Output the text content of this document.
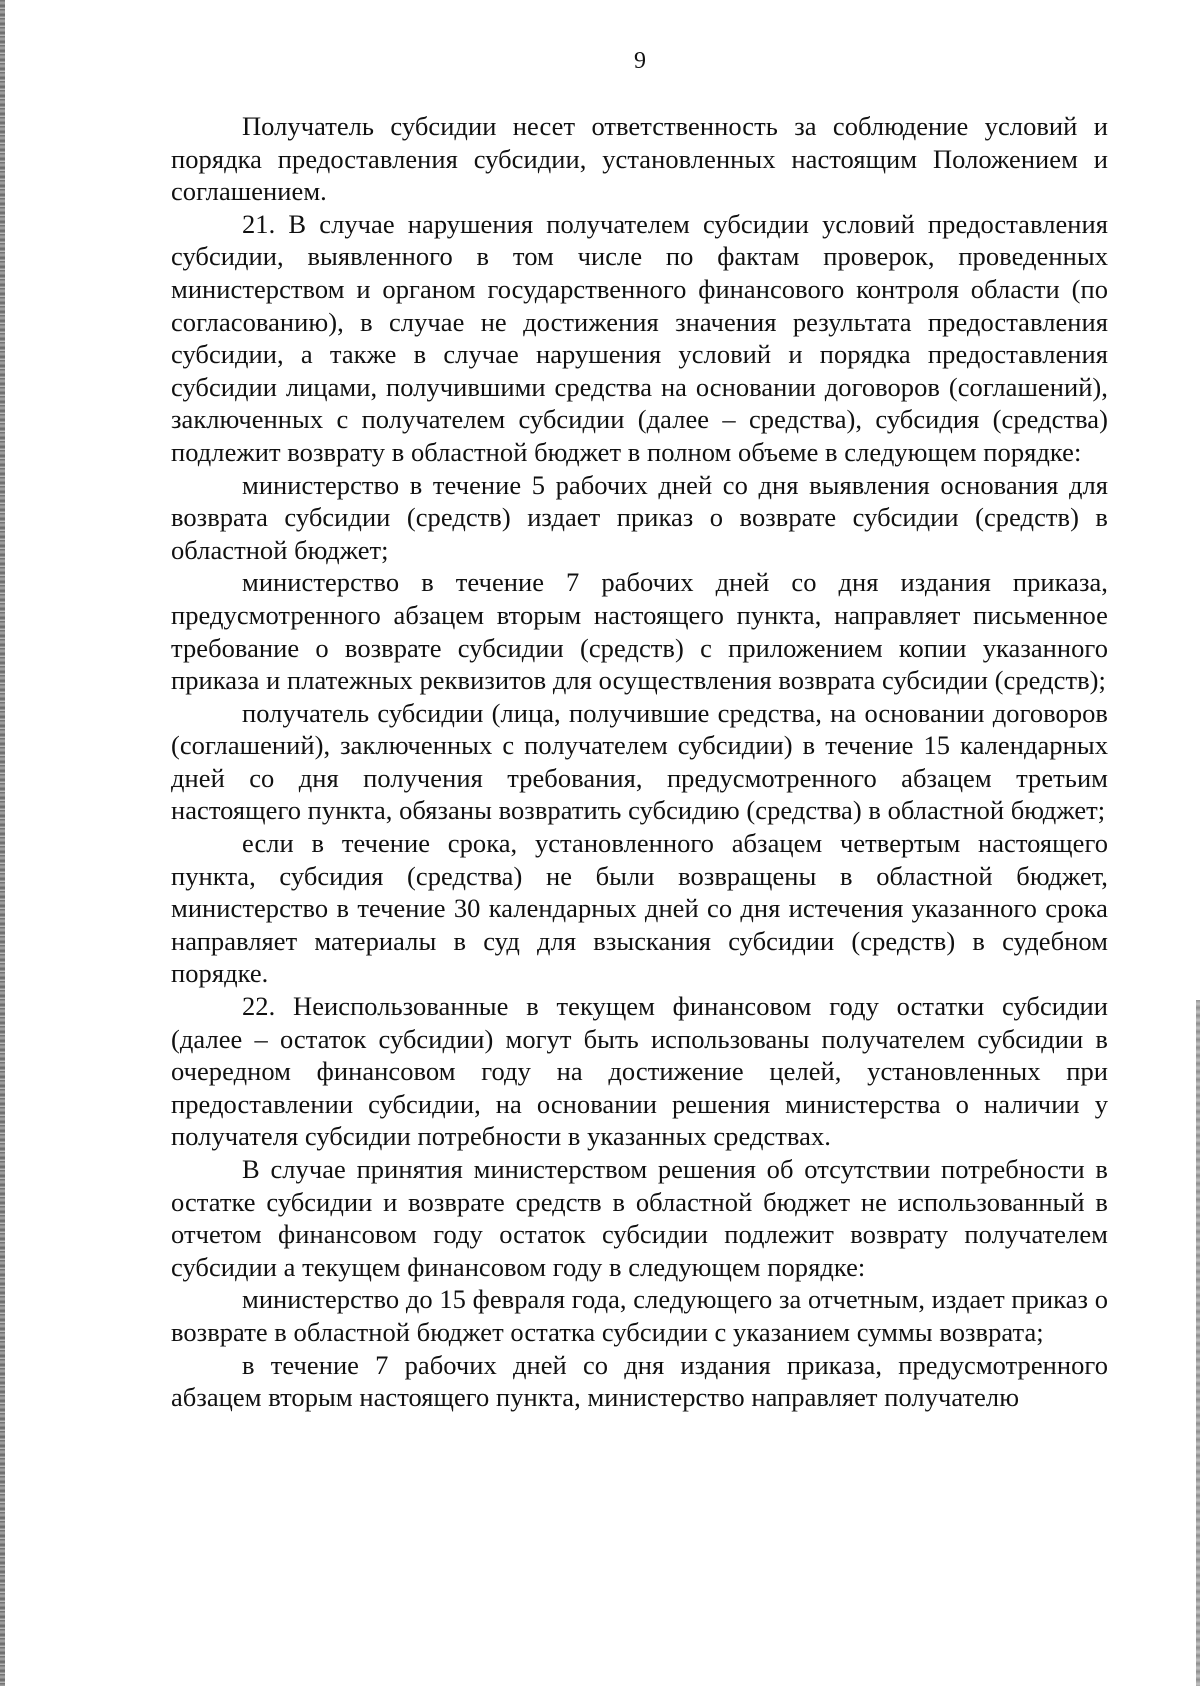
9

Получатель субсидии несет ответственность за соблюдение условий и порядка предоставления субсидии, установленных настоящим Положением и соглашением.

21. В случае нарушения получателем субсидии условий предоставления субсидии, выявленного в том числе по фактам проверок, проведенных министерством и органом государственного финансового контроля области (по согласованию), в случае не достижения значения результата предоставления субсидии, а также в случае нарушения условий и порядка предоставления субсидии лицами, получившими средства на основании договоров (соглашений), заключенных с получателем субсидии (далее – средства), субсидия (средства) подлежит возврату в областной бюджет в полном объеме в следующем порядке:

министерство в течение 5 рабочих дней со дня выявления основания для возврата субсидии (средств) издает приказ о возврате субсидии (средств) в областной бюджет;

министерство в течение 7 рабочих дней со дня издания приказа, предусмотренного абзацем вторым настоящего пункта, направляет письменное требование о возврате субсидии (средств) с приложением копии указанного приказа и платежных реквизитов для осуществления возврата субсидии (средств);

получатель субсидии (лица, получившие средства, на основании договоров (соглашений), заключенных с получателем субсидии) в течение 15 календарных дней со дня получения требования, предусмотренного абзацем третьим настоящего пункта, обязаны возвратить субсидию (средства) в областной бюджет;

если в течение срока, установленного абзацем четвертым настоящего пункта, субсидия (средства) не были возвращены в областной бюджет, министерство в течение 30 календарных дней со дня истечения указанного срока направляет материалы в суд для взыскания субсидии (средств) в судебном порядке.

22. Неиспользованные в текущем финансовом году остатки субсидии (далее – остаток субсидии) могут быть использованы получателем субсидии в очередном финансовом году на достижение целей, установленных при предоставлении субсидии, на основании решения министерства о наличии у получателя субсидии потребности в указанных средствах.

В случае принятия министерством решения об отсутствии потребности в остатке субсидии и возврате средств в областной бюджет не использованный в отчетом финансовом году остаток субсидии подлежит возврату получателем субсидии а текущем финансовом году в следующем порядке:

министерство до 15 февраля года, следующего за отчетным, издает приказ о возврате в областной бюджет остатка субсидии с указанием суммы возврата;

в течение 7 рабочих дней со дня издания приказа, предусмотренного абзацем вторым настоящего пункта, министерство направляет получателю
